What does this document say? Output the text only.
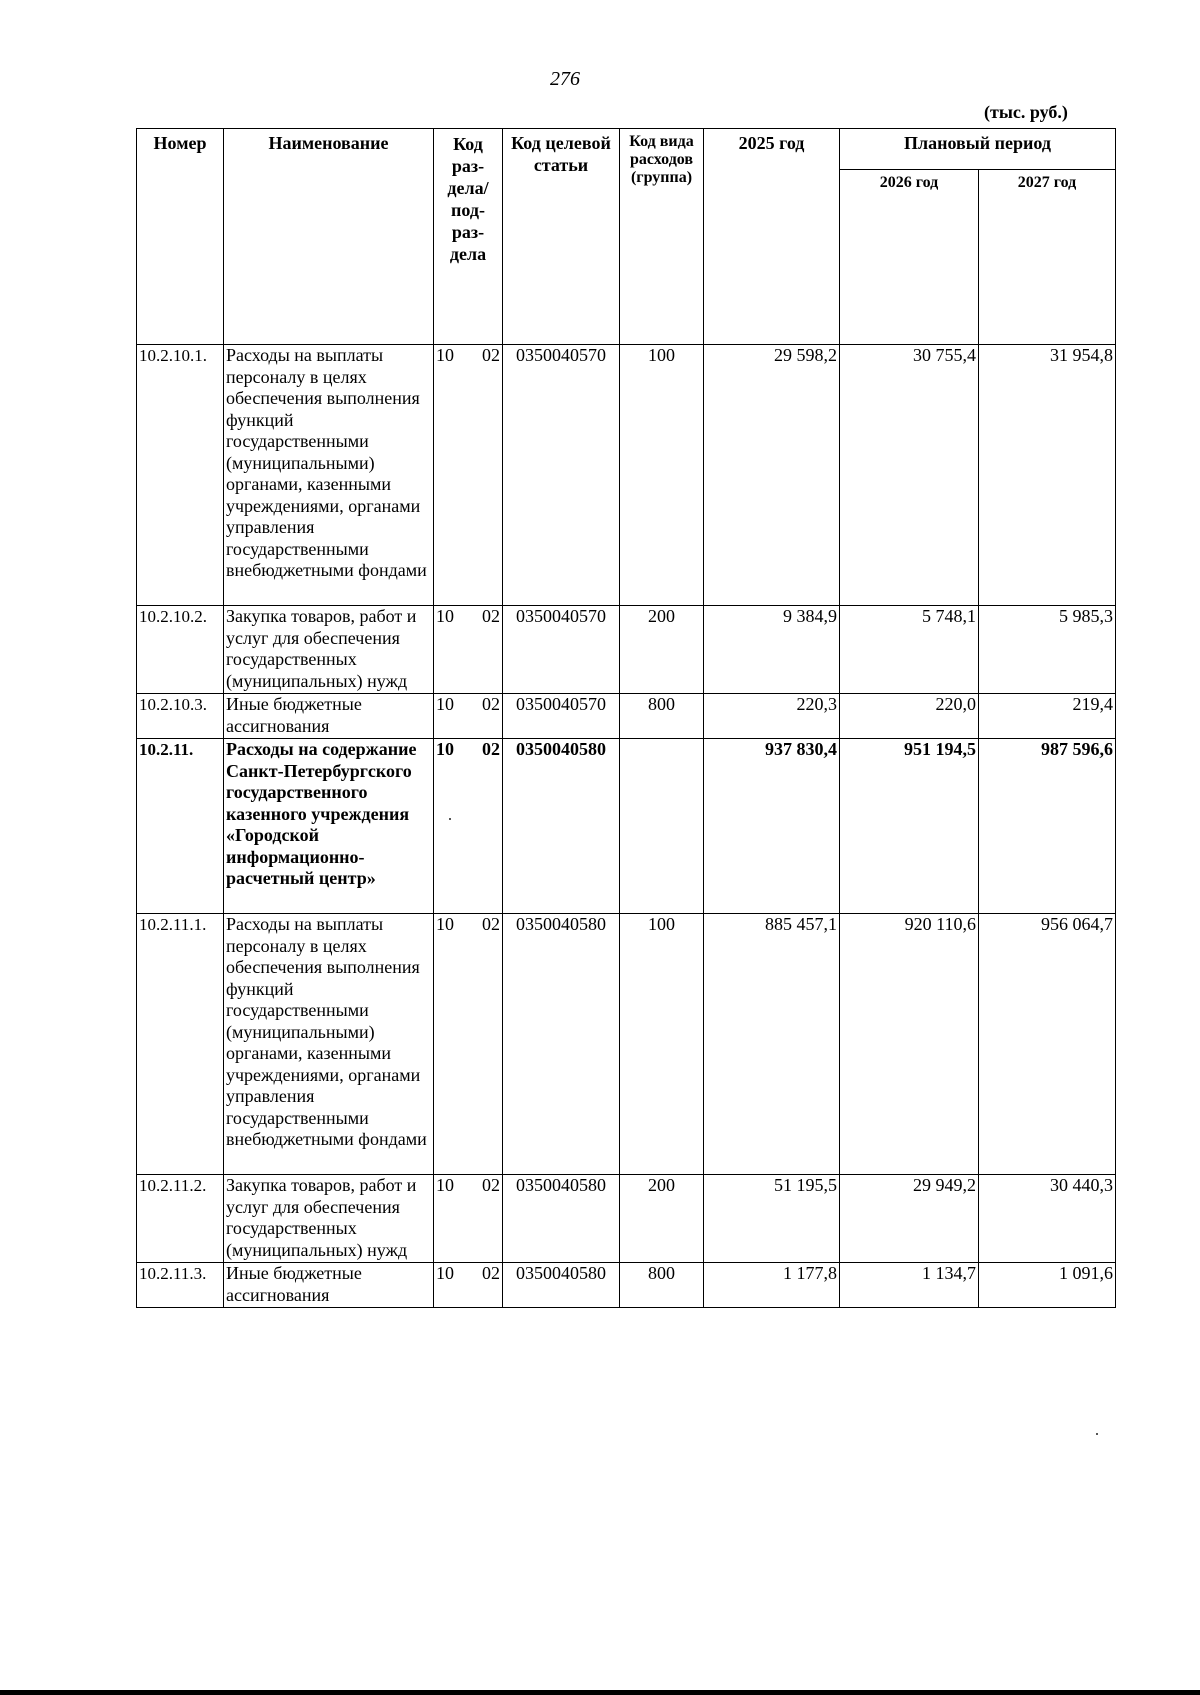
276
(тыс. руб.)
Номер	Наименование	Код раз- дела/ под- раз- дела	Код целевой статьи	Код вида расходов (группа)	2025 год	Плановый период	
						2026 год	2027 год
10.2.10.1.	Расходы на выплаты персоналу в целях обеспечения выполнения функций государственными (муниципальными) органами, казенными учреждениями, органами управления государственными внебюджетными фондами	10 02	0350040570	100	29 598,2	30 755,4	31 954,8
10.2.10.2.	Закупка товаров, работ и услуг для обеспечения государственных (муниципальных) нужд	10 02	0350040570	200	9 384,9	5 748,1	5 985,3
10.2.10.3.	Иные бюджетные ассигнования	10 02	0350040570	800	220,3	220,0	219,4
10.2.11.	Расходы на содержание Санкт-Петербургского государственного казенного учреждения «Городской информационно-расчетный центр»	10 02	0350040580		937 830,4	951 194,5	987 596,6
10.2.11.1.	Расходы на выплаты персоналу в целях обеспечения выполнения функций государственными (муниципальными) органами, казенными учреждениями, органами управления государственными внебюджетными фондами	10 02	0350040580	100	885 457,1	920 110,6	956 064,7
10.2.11.2.	Закупка товаров, работ и услуг для обеспечения государственных (муниципальных) нужд	10 02	0350040580	200	51 195,5	29 949,2	30 440,3
10.2.11.3.	Иные бюджетные ассигнования	10 02	0350040580	800	1 177,8	1 134,7	1 091,6
